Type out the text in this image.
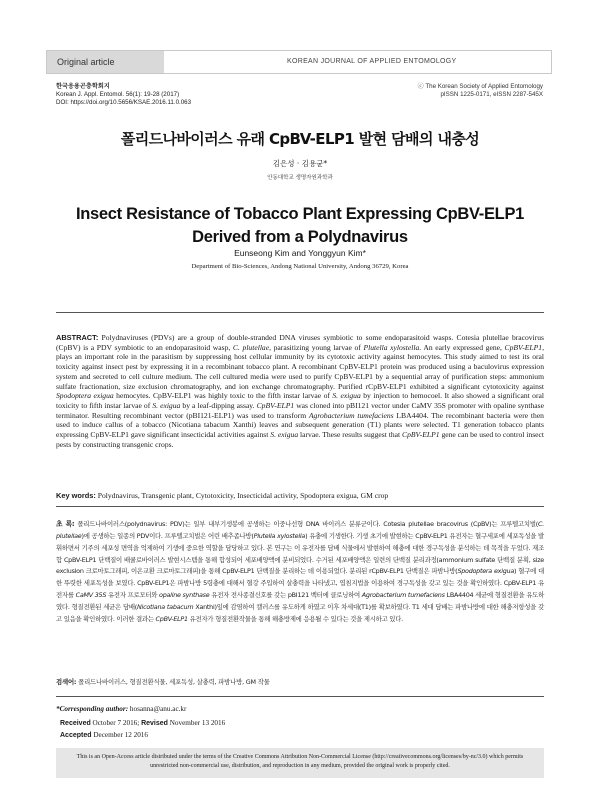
Original article	KOREAN JOURNAL OF APPLIED ENTOMOLOGY
한국응용곤충학회지
Korean J. Appl. Entomol. 56(1): 19-28 (2017)
DOI: https://doi.org/10.5656/KSAE.2016.11.0.063
ⓒ The Korean Society of Applied Entomology
pISSN 1225-0171, eISSN 2287-545X
폴리드나바이러스 유래 CpBV-ELP1 발현 담배의 내충성
김은성 · 김용균*
안동대학교 생명자원과학과
Insect Resistance of Tobacco Plant Expressing CpBV-ELP1 Derived from a Polydnavirus
Eunseong Kim and Yonggyun Kim*
Department of Bio-Sciences, Andong National University, Andong 36729, Korea
ABSTRACT: Polydnaviruses (PDVs) are a group of double-stranded DNA viruses symbiotic to some endoparasitoid wasps. Cotesia plutellae bracovirus (CpBV) is a PDV symbiotic to an endoparasitoid wasp, C. plutellae, parasitizing young larvae of Plutella xylostella. An early expressed gene, CpBV-ELP1, plays an important role in the parasitism by suppressing host cellular immunity by its cytotoxic activity against hemocytes. This study aimed to test its oral toxicity against insect pest by expressing it in a recombinant tobacco plant. A recombinant CpBV-ELP1 protein was produced using a baculovirus expression system and secreted to cell culture medium. The cell cultured media were used to purify CpBV-ELP1 by a sequential array of purification steps: ammonium sulfate fractionation, size exclusion chromatography, and ion exchange chromatography. Purified rCpBV-ELP1 exhibited a significant cytotoxicity against Spodoptera exigua hemocytes. CpBV-ELP1 was highly toxic to the fifth instar larvae of S. exigua by injection to hemocoel. It also showed a significant oral toxicity to fifth instar larvae of S. exigua by a leaf-dipping assay. CpBV-ELP1 was cloned into pBI121 vector under CaMV 35S promoter with opaline synthase terminator. Resulting recombinant vector (pBI121-ELP1) was used to transform Agrobacterium tumefaciens LBA4404. The recombinant bacteria were then used to induce callus of a tobacco (Nicotiana tabacum Xanthi) leaves and subsequent generation (T1) plants were selected. T1 generation tobacco plants expressing CpBV-ELP1 gave significant insecticidal activities against S. exigua larvae. These results suggest that CpBV-ELP1 gene can be used to control insect pests by constructing transgenic crops.
Key words: Polydnavirus, Transgenic plant, Cytotoxicity, Insecticidal activity, Spodoptera exigua, GM crop
초 록: 폴리드나바이러스(polydnavirus: PDV)는 일부 내부기생봉에 공생하는 이중나선형 DNA 바이러스 분류군이다. Cotesia plutellae bracovirus (CpBV)는 프루텔고치벌(C. plutellae)에 공생하는 일종의 PDV이다. 프루텔고치벌은 어린 배추좀나방(Plutella xylostella) 유충에 기생한다. 기생 초기에 발현하는 CpBV-ELP1 유전자는 혈구세포에 세포독성을 발휘하면서 기주의 세포성 면역을 억제하여 기생에 중요한 역할을 담당하고 있다. 본 연구는 이 유전자를 담배 식물에서 발현하여 해충에 대한 경구독성을 분석하는 데 목적을 두었다. 재조합 CpBV-ELP1 단백질이 배큘로바이러스 발현시스템을 통해 합성되어 세포배양액에 분비되었다. 수거된 세포배양액은 일련의 단백질 분리과정(ammonium sulfate 단백질 분획, size exclusion 크로마토그래피, 이온교환 크로마토그래피)을 통해 CpBV-ELP1 단백질을 분리하는 데 이용되었다. 분리된 rCpBV-ELP1 단백질은 파밤나방(Spodoptera exigua) 혈구에 대한 뚜렷한 세포독성을 보였다. CpBV-ELP1은 파밤나방 5령충에 대해서 혈강 주입하여 살충력을 나타냈고, 엽침지법을 이용하여 경구독성을 갖고 있는 것을 확인하였다. CpBV-ELP1 유전자를 CaMV 35S 유전자 프로모터와 opaline synthase 유전자 전사종결신호를 갖는 pBI121 벡터에 클로닝하여 Agrobacterium tumefaciens LBA4404 세균에 형질전환을 유도하였다. 형질전환된 세균은 담배(Nicotiana tabacum Xanthi)잎에 감염하여 캘러스를 유도하게 하였고 이후 차세대(T1)를 확보하였다. T1 세대 담배는 파밤나방에 대한 해충저항성을 갖고 있음을 확인하였다. 이러한 결과는 CpBV-ELP1 유전자가 형질전환작물을 통해 해충방제에 응용될 수 있다는 것을 제시하고 있다.
검색어: 폴리드나바이러스, 형질전환식물, 세포독성, 살충력, 파밤나방, GM 작물
*Corresponding author: hosanna@anu.ac.kr
Received October 7 2016; Revised November 13 2016
Accepted December 12 2016
This is an Open-Access article distributed under the terms of the Creative Commons Attribution Non-Commercial License (http://creativecommons.org/licenses/by-nc/3.0) which permits unrestricted non-commercial use, distribution, and reproduction in any medium, provided the original work is properly cited.
